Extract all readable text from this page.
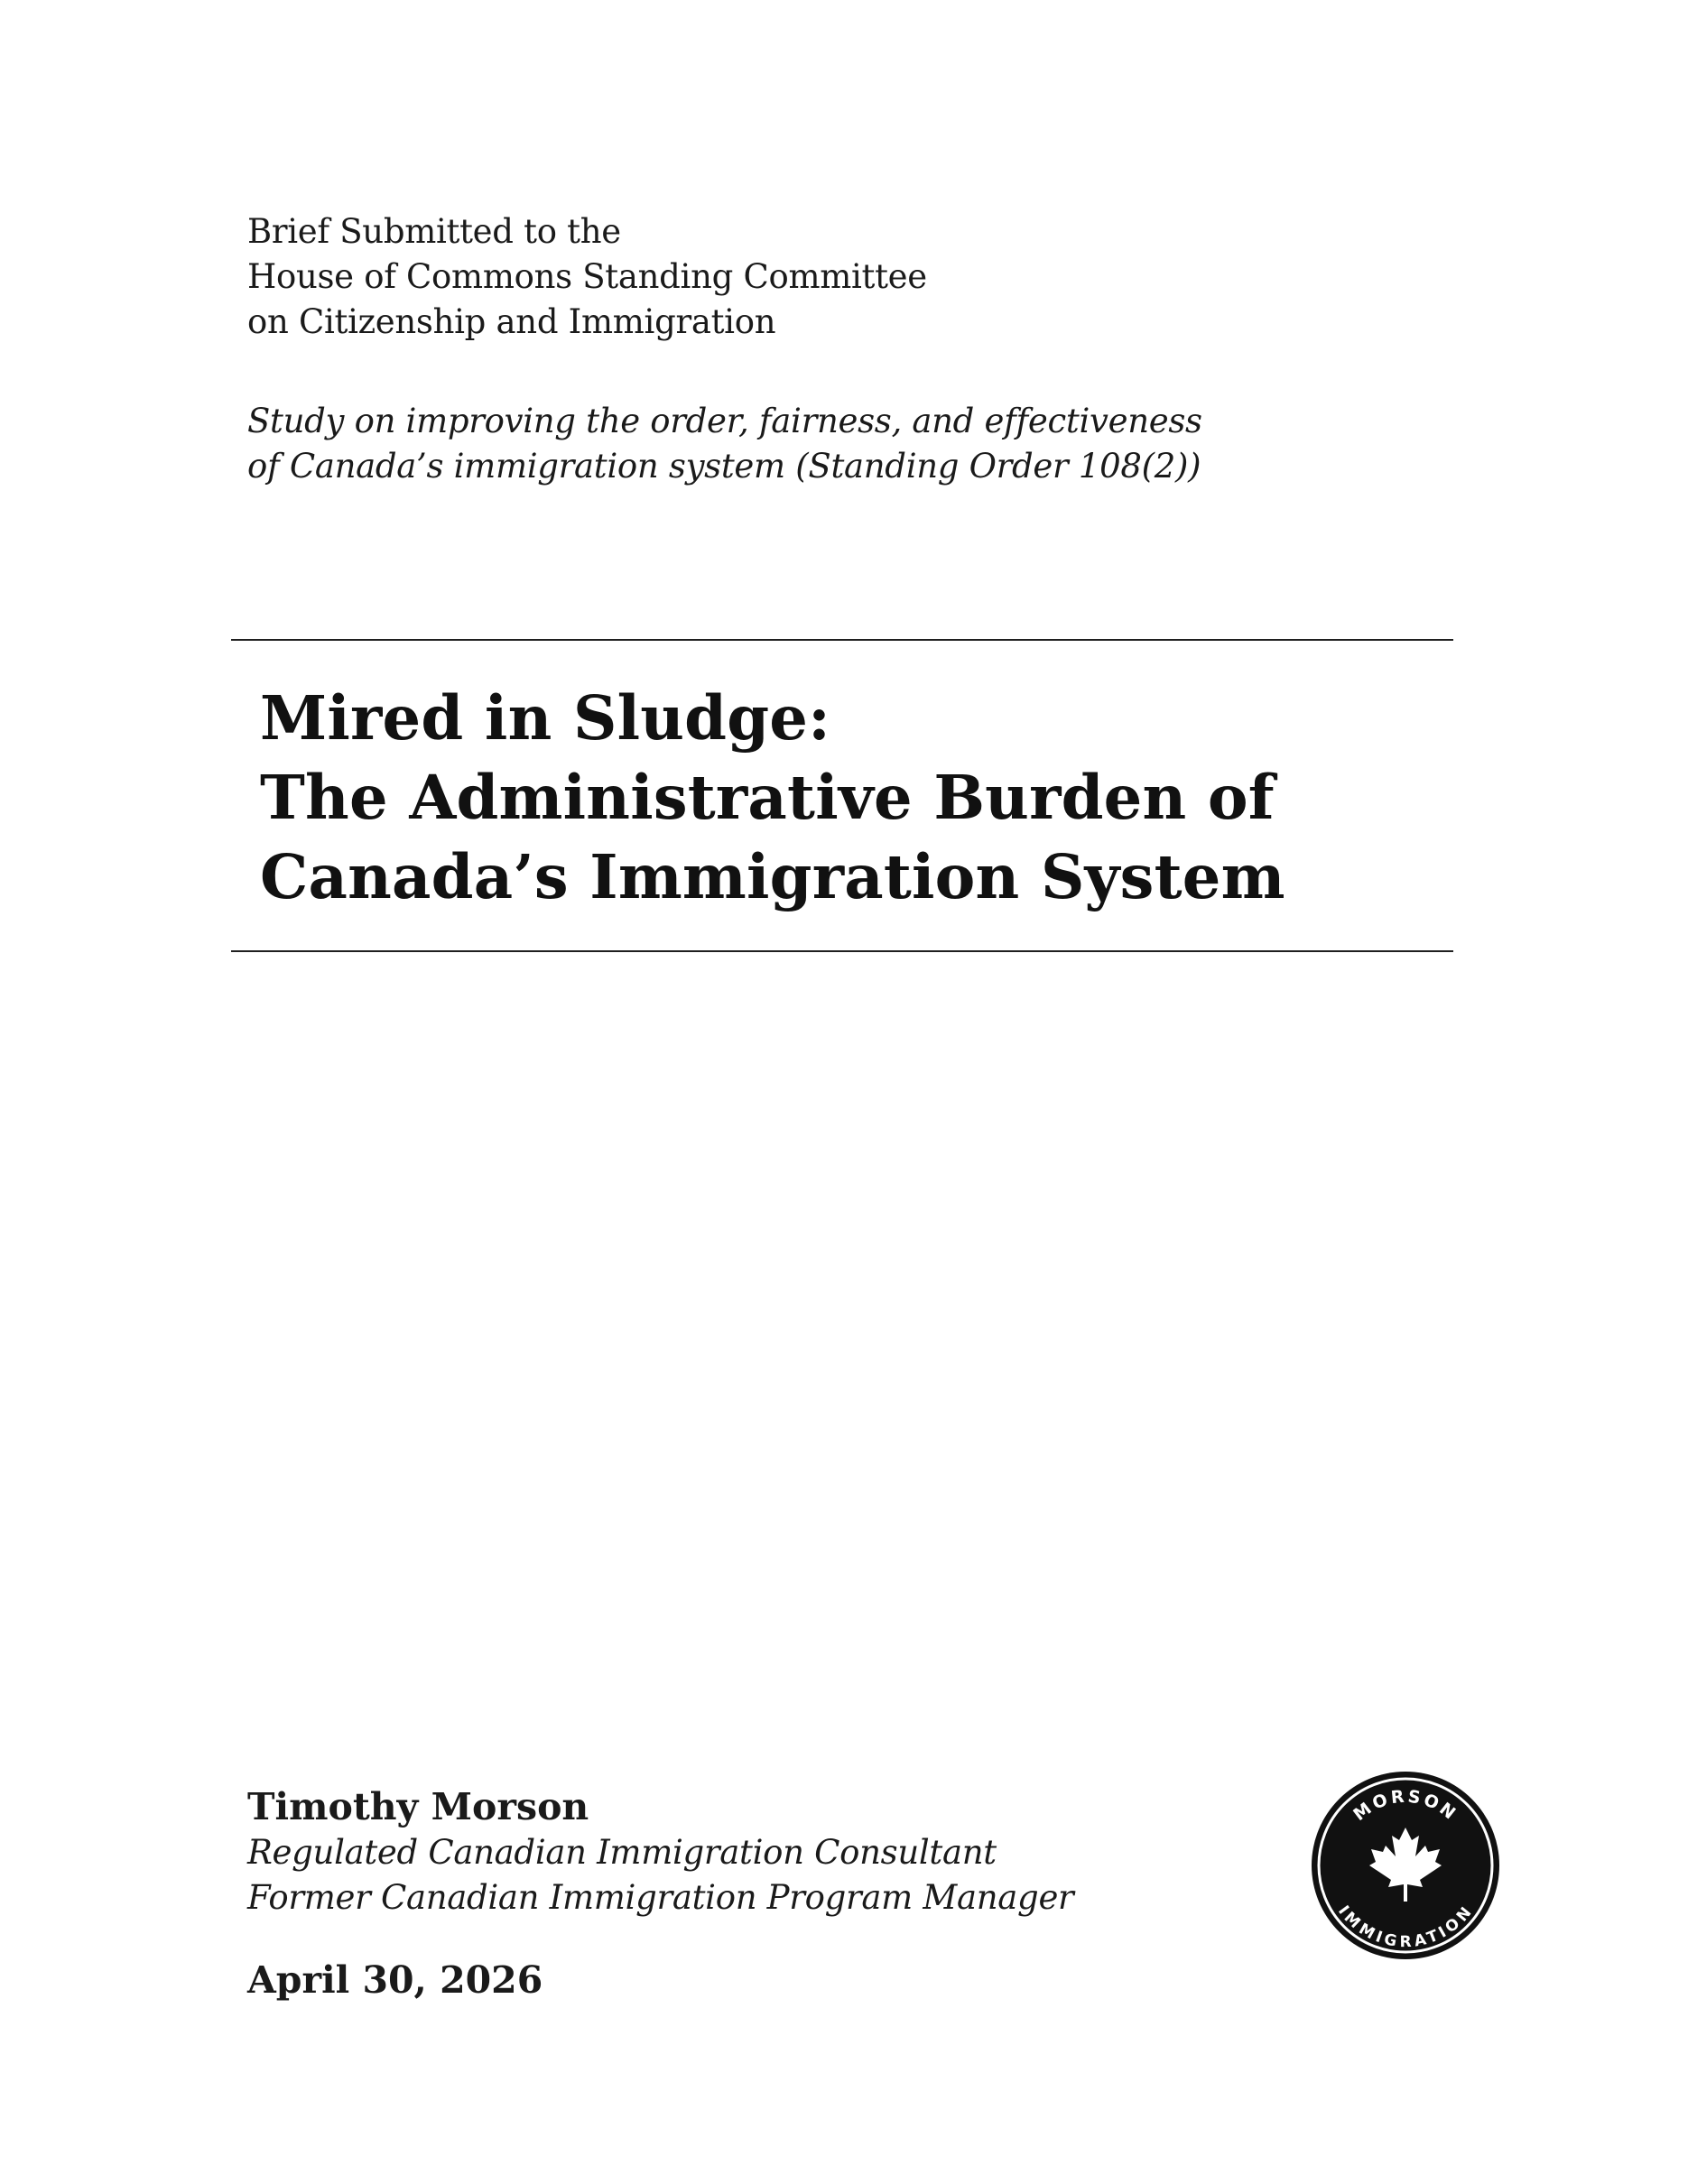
Brief Submitted to the
House of Commons Standing Committee
on Citizenship and Immigration
Study on improving the order, fairness, and effectiveness
of Canada’s immigration system (Standing Order 108(2))
Mired in Sludge:
The Administrative Burden of
Canada’s Immigration System
Timothy Morson
Regulated Canadian Immigration Consultant
Former Canadian Immigration Program Manager
April 30, 2026
MORSON
IMMIGRATION
